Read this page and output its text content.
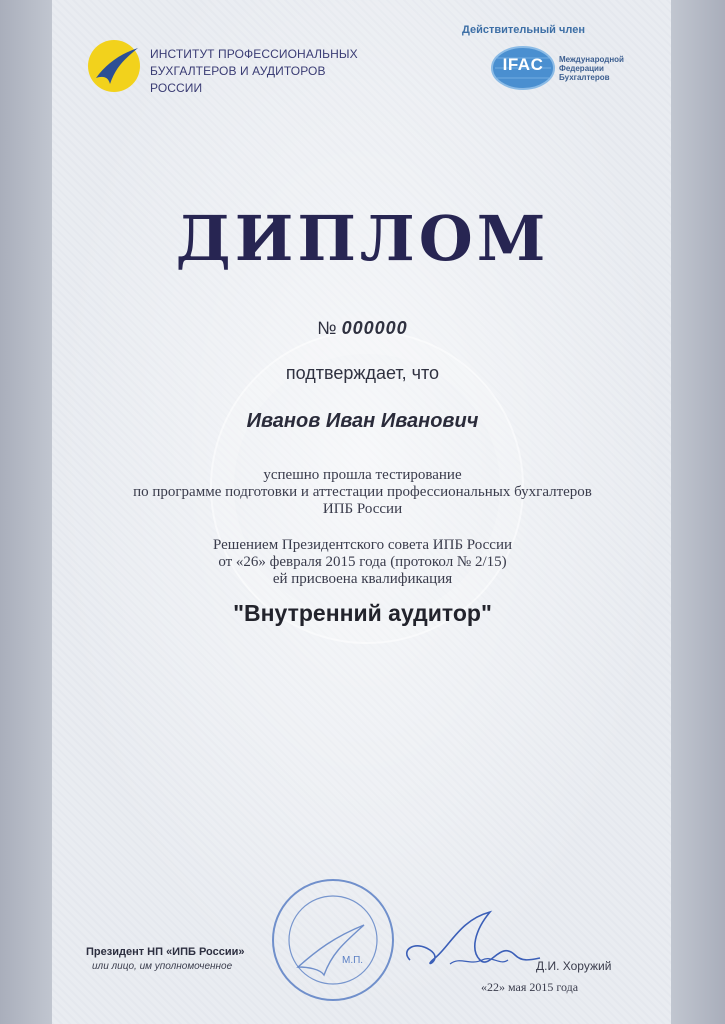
ИНСТИТУТ ПРОФЕССИОНАЛЬНЫХ
БУХГАЛТЕРОВ И АУДИТОРОВ РОССИИ
Действительный член
IFAC	Международной
Федерации
Бухгалтеров
ДИПЛОМ
№ 000000
подтверждает, что
Иванов Иван Иванович
успешно прошла тестирование
по программе подготовки и аттестации профессиональных бухгалтеров
ИПБ России
Решением Президентского совета ИПБ России
от «26» февраля 2015 года (протокол № 2/15)
ей присвоена квалификация
"Внутренний аудитор"
Президент НП «ИПБ России»
или лицо, им уполномоченное
М.П.	Д.И. Хоружий
«22» мая 2015 года
